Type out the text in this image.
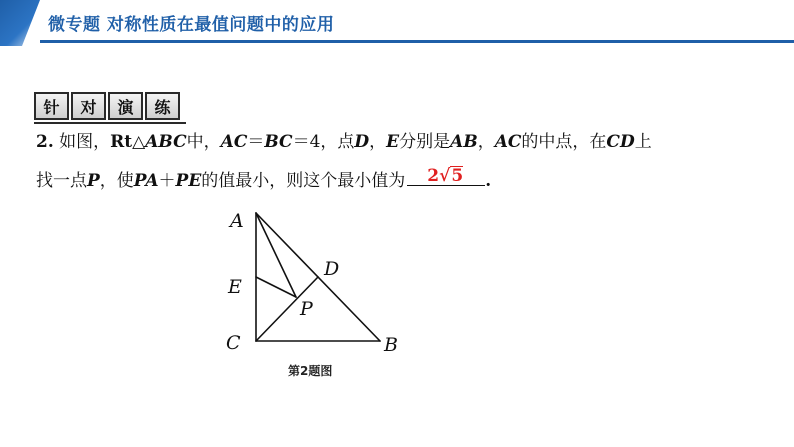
微专题 对称性质在最值问题中的应用
针	对	演	练
2. 如图，Rt△ABC中，AC＝BC＝4，点D，E分别是AB，AC的中点，在CD上
找一点P，使PA＋PE的值最小，则这个最小值为 2√5 .
A
B
C
D
E
P
第2题图
